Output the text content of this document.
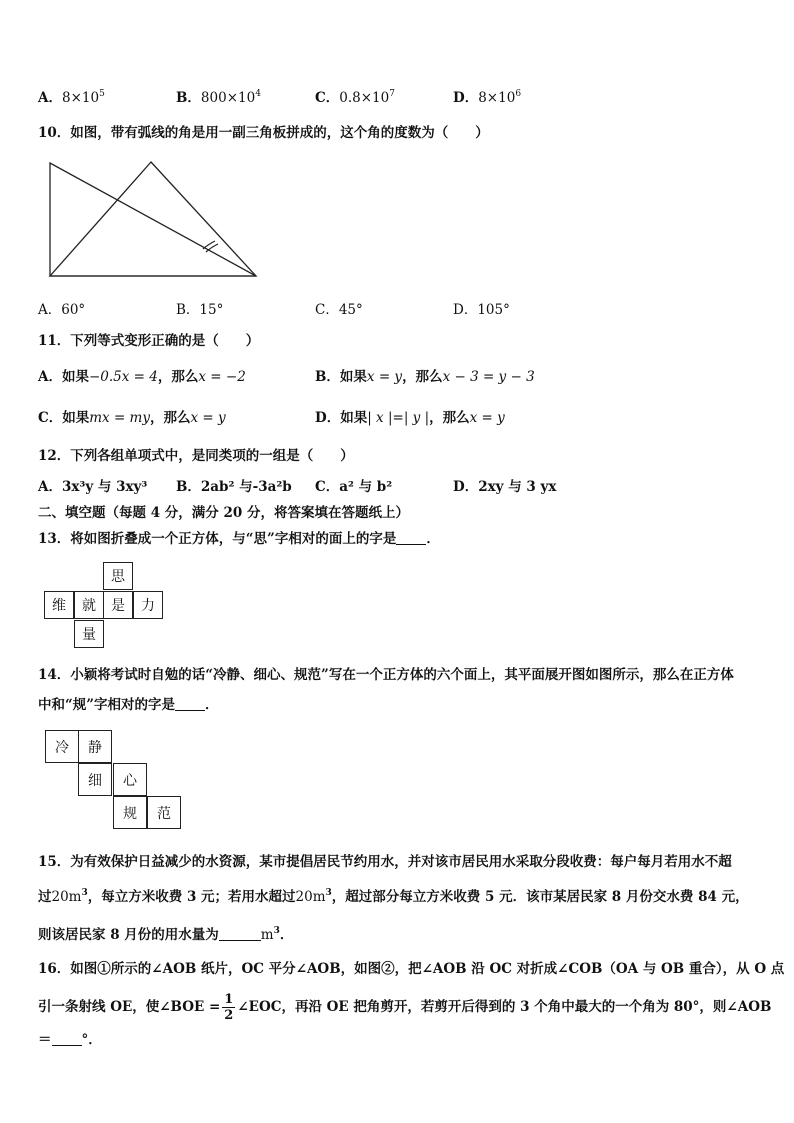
A．$8\times 10^5$	B．$800\times 10^4$	C．$0.8\times 10^7$	D．$8\times 10^6$
10．如图，带有弧线的角是用一副三角板拼成的，这个角的度数为（　　）
A．60°	B．15°	C．45°	D．105°
11．下列等式变形正确的是（　　）
A．如果−0.5x = 4，那么x = −2	B．如果x = y，那么x − 3 = y − 3
C．如果mx = my，那么x = y	D．如果| x |=| y |，那么x = y
12．下列各组单项式中，是同类项的一组是（　　）
A．3x³y 与 3xy³ B．2ab² 与-3a²b C．a² 与 b²	D．2xy 与 3 yx
二、填空题（每题 4 分，满分 20 分，将答案填在答题纸上）
13．将如图折叠成一个正方体，与“思”字相对的面上的字是 ．
思
维	就	是	力
量
14．小颖将考试时自勉的话“冷静、细心、规范”写在一个正方体的六个面上，其平面展开图如图所示，那么在正方体
中和“规”字相对的字是 ．
冷	静
细	心
规	范
15．为有效保护日益减少的水资源，某市提倡居民节约用水，并对该市居民用水采取分段收费：每户每月若用水不超
过$20m^3$，每立方米收费 3 元；若用水超过$20m^3$，超过部分每立方米收费 5 元．该市某居民家 8 月份交水费 84 元，
则该居民家 8 月份的用水量为	$m^3$．
16．如图①所示的∠AOB 纸片，OC 平分∠AOB，如图②，把∠AOB 沿 OC 对折成∠COB（OA 与 OB 重合），从 O 点
引一条射线 OE，使∠BOE = $\frac{1}{2}$ ∠EOC，再沿 OE 把角剪开，若剪开后得到的 3 个角中最大的一个角为 80°，则∠AOB
＝ °．
